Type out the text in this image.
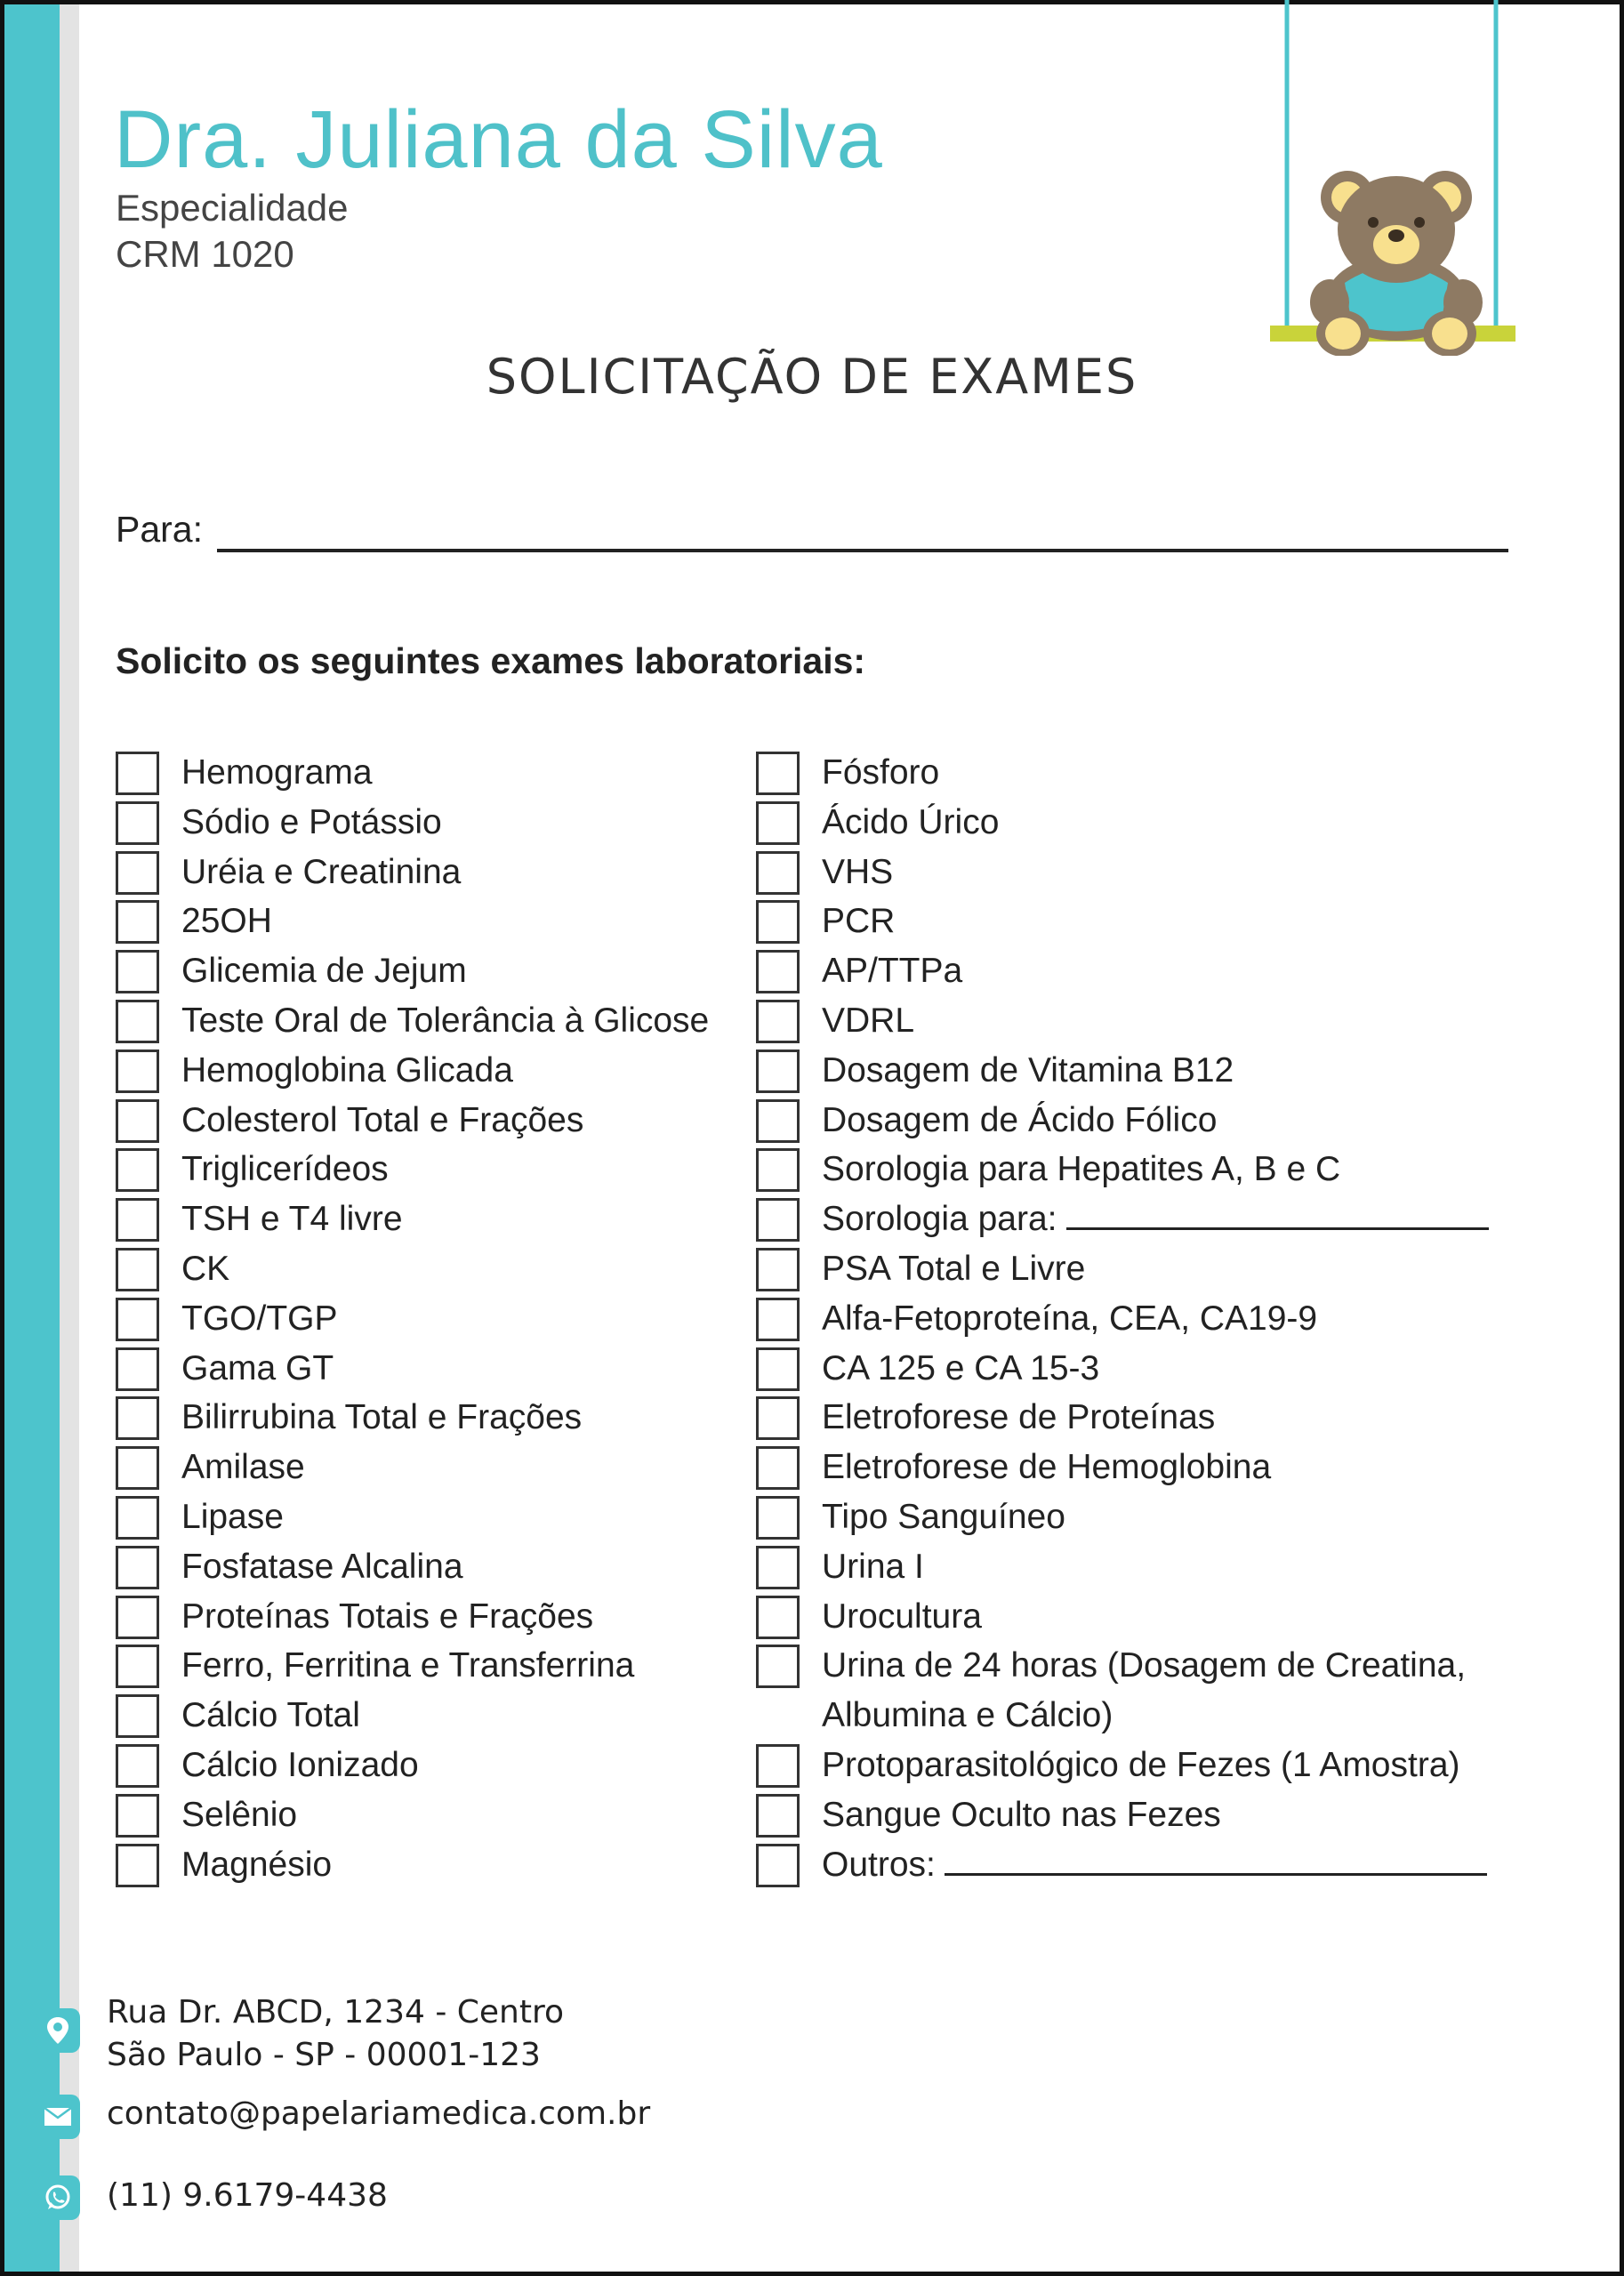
Dra. Juliana da Silva
Especialidade
CRM 1020
SOLICITAÇÃO DE EXAMES
Para:
Solicito os seguintes exames laboratoriais:
Hemograma
Sódio e Potássio
Uréia e Creatinina
25OH
Glicemia de Jejum
Teste Oral de Tolerância à Glicose
Hemoglobina Glicada
Colesterol Total e Frações
Triglicerídeos
TSH e T4 livre
CK
TGO/TGP
Gama GT
Bilirrubina Total e Frações
Amilase
Lipase
Fosfatase Alcalina
Proteínas Totais e Frações
Ferro, Ferritina e Transferrina
Cálcio Total
Cálcio Ionizado
Selênio
Magnésio
Fósforo
Ácido Úrico
VHS
PCR
AP/TTPa
VDRL
Dosagem de Vitamina B12
Dosagem de Ácido Fólico
Sorologia para Hepatites A, B e C
Sorologia para:
PSA Total e Livre
Alfa-Fetoproteína, CEA, CA19-9
CA 125 e CA 15-3
Eletroforese de Proteínas
Eletroforese de Hemoglobina
Tipo Sanguíneo
Urina I
Urocultura
Urina de 24 horas (Dosagem de Creatina, Albumina e Cálcio)
Protoparasitológico de Fezes (1 Amostra)
Sangue Oculto nas Fezes
Outros:
Rua Dr. ABCD, 1234 - Centro
São Paulo - SP - 00001-123
contato@papelariamedica.com.br
(11) 9.6179-4438
